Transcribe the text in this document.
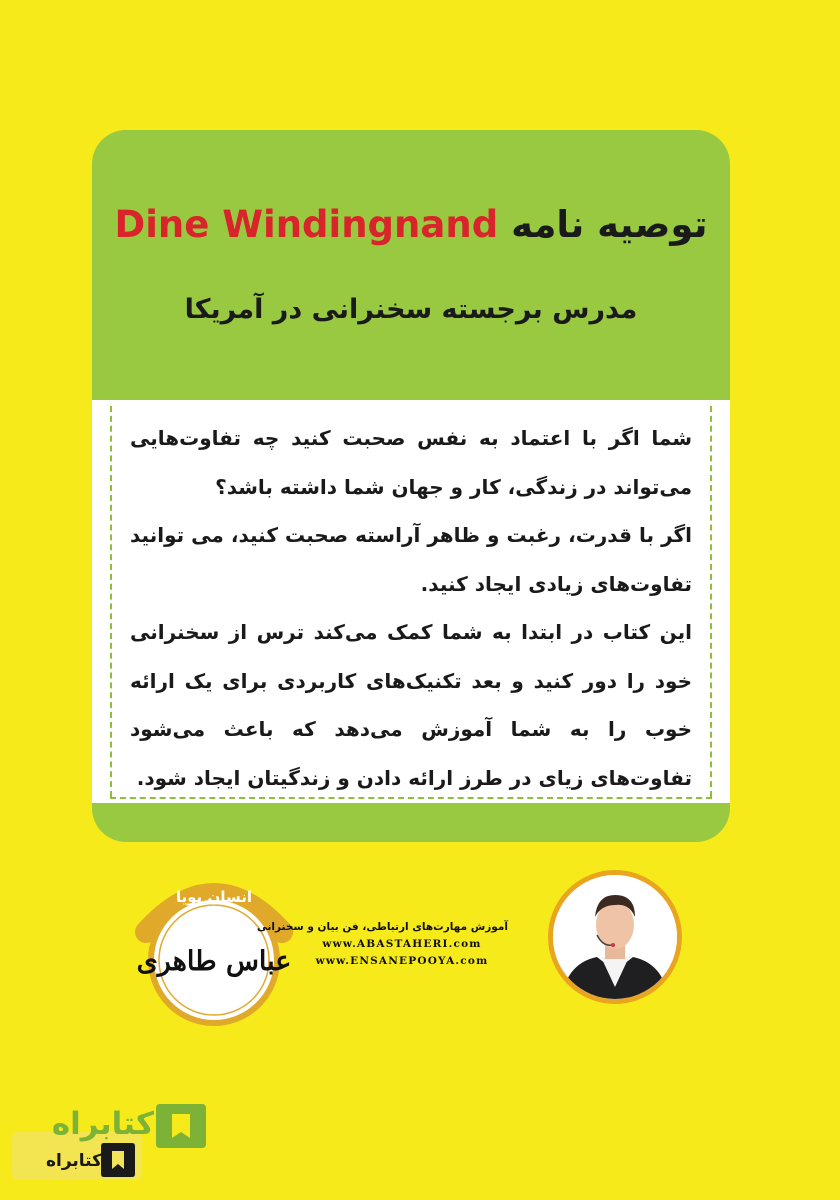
توصیه نامه Dine Windingnand
مدرس برجسته سخنرانی در آمریکا

شما اگر با اعتماد به نفس صحبت کنید چه تفاوت‌هایی می‌تواند در زندگی، کار و جهان شما داشته باشد؟

اگر با قدرت، رغبت و ظاهر آراسته صحبت کنید، می توانید تفاوت‌های زیادی ایجاد کنید.

این کتاب در ابتدا به شما کمک می‌کند ترس از سخنرانی خود را دور کنید و بعد تکنیک‌های کاربردی برای یک ارائه خوب را به شما آموزش می‌دهد که باعث می‌شود تفاوت‌های زیای در طرز ارائه دادن و زندگیتان ایجاد شود.

انسان پویا
عباس طاهری
آموزش مهارت‌های ارتباطی، فن بیان و سخنرانی
www.ABASTAHERI.com
www.ENSANEPOOYA.com
کتابراه
کتابراه
